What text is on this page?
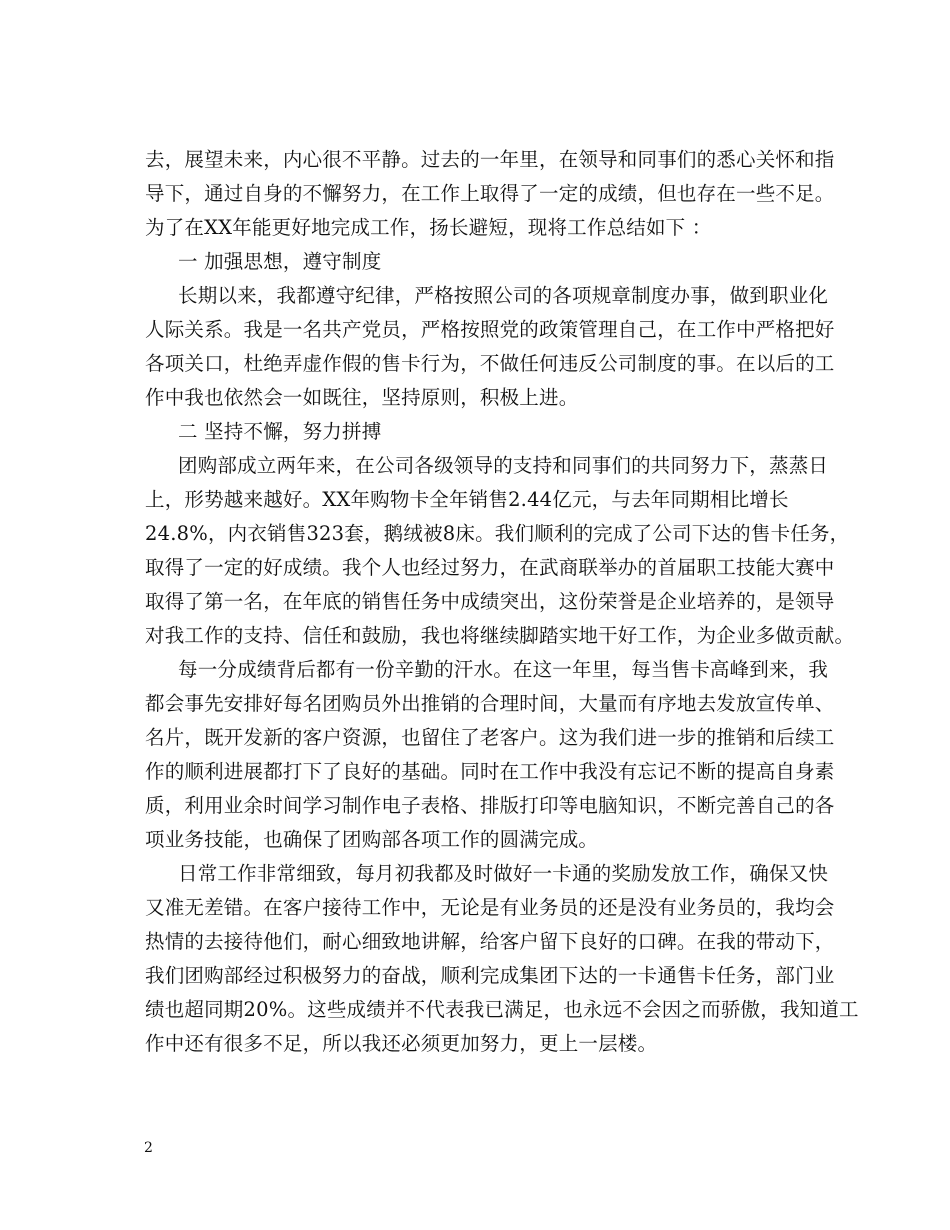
去，展望未来，内心很不平静。过去的一年里，在领导和同事们的悉心关怀和指
导下，通过自身的不懈努力，在工作上取得了一定的成绩，但也存在一些不足。
为了在XX年能更好地完成工作，扬长避短，现将工作总结如下 ：
一 加强思想，遵守制度
长期以来，我都遵守纪律，严格按照公司的各项规章制度办事，做到职业化
人际关系。我是一名共产党员，严格按照党的政策管理自己，在工作中严格把好
各项关口，杜绝弄虚作假的售卡行为，不做任何违反公司制度的事。在以后的工
作中我也依然会一如既往，坚持原则，积极上进。
二 坚持不懈，努力拼搏
团购部成立两年来，在公司各级领导的支持和同事们的共同努力下，蒸蒸日
上，形势越来越好。XX年购物卡全年销售2.44亿元，与去年同期相比增长
24.8%，内衣销售323套，鹅绒被8床。我们顺利的完成了公司下达的售卡任务，
取得了一定的好成绩。我个人也经过努力，在武商联举办的首届职工技能大赛中
取得了第一名，在年底的销售任务中成绩突出，这份荣誉是企业培养的，是领导
对我工作的支持、信任和鼓励，我也将继续脚踏实地干好工作，为企业多做贡献。
每一分成绩背后都有一份辛勤的汗水。在这一年里，每当售卡高峰到来，我
都会事先安排好每名团购员外出推销的合理时间，大量而有序地去发放宣传单、
名片，既开发新的客户资源，也留住了老客户。这为我们进一步的推销和后续工
作的顺利进展都打下了良好的基础。同时在工作中我没有忘记不断的提高自身素
质，利用业余时间学习制作电子表格、排版打印等电脑知识，不断完善自己的各
项业务技能，也确保了团购部各项工作的圆满完成。
日常工作非常细致，每月初我都及时做好一卡通的奖励发放工作，确保又快
又准无差错。在客户接待工作中，无论是有业务员的还是没有业务员的，我均会
热情的去接待他们，耐心细致地讲解，给客户留下良好的口碑。在我的带动下，
我们团购部经过积极努力的奋战，顺利完成集团下达的一卡通售卡任务，部门业
绩也超同期20%。这些成绩并不代表我已满足，也永远不会因之而骄傲，我知道工
作中还有很多不足，所以我还必须更加努力，更上一层楼。
2
